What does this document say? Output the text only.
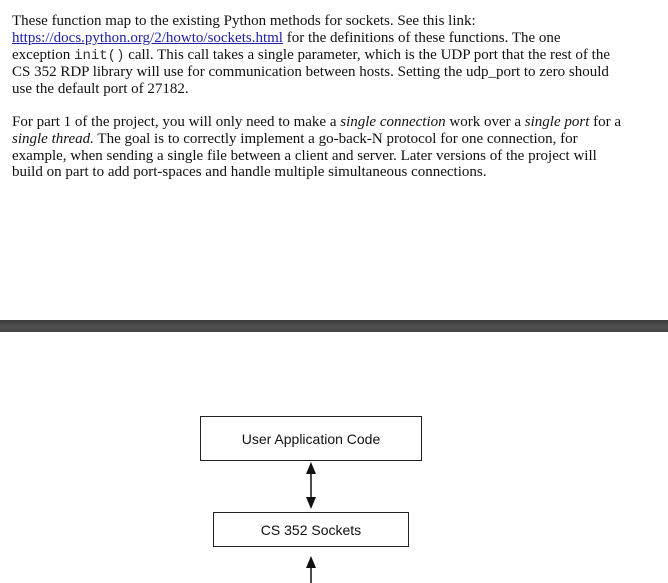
These function map to the existing Python methods for sockets. See this link:
https://docs.python.org/2/howto/sockets.html for the definitions of these functions. The one exception init() call. This call takes a single parameter, which is the UDP port that the rest of the CS 352 RDP library will use for communication between hosts. Setting the udp_port to zero should use the default port of 27182.

For part 1 of the project, you will only need to make a single connection work over a single port for a single thread. The goal is to correctly implement a go-back-N protocol for one connection, for example, when sending a single file between a client and server. Later versions of the project will build on part to add port-spaces and handle multiple simultaneous connections.

User Application Code
CS 352 Sockets
